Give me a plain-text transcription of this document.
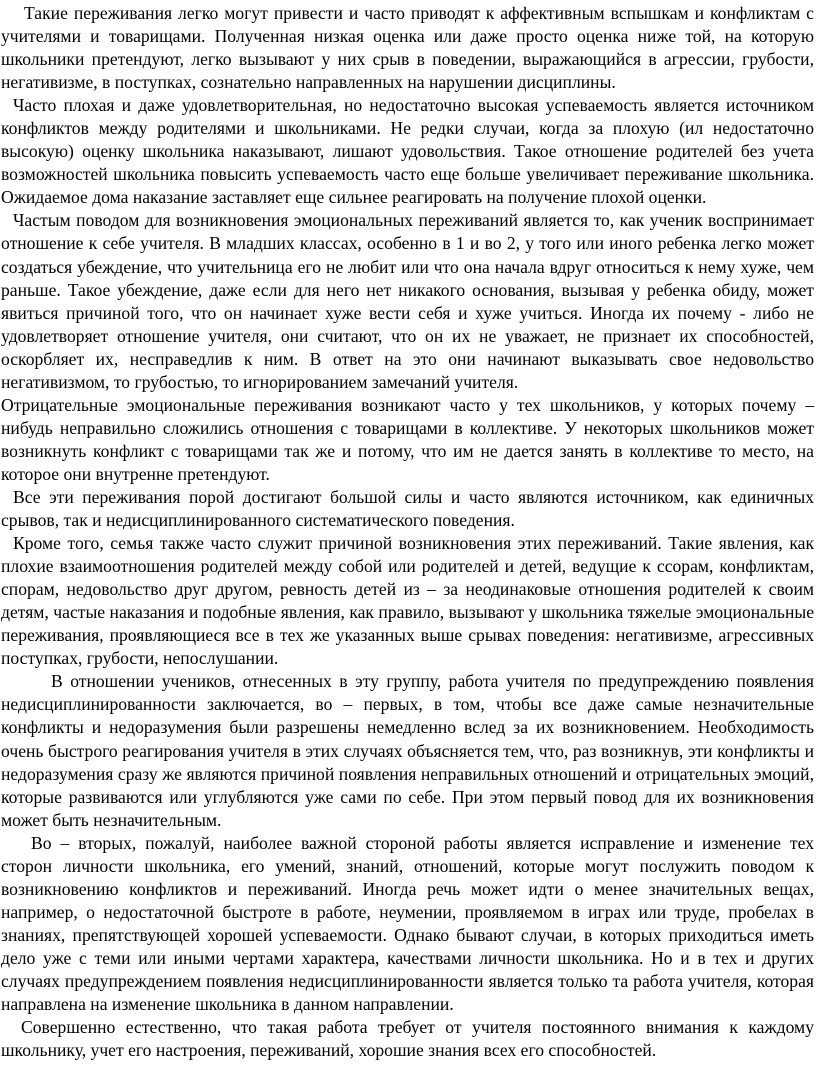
Такие переживания легко могут привести и часто приводят к аффективным вспышкам и конфликтам с учителями и товарищами. Полученная низкая оценка или даже просто оценка ниже той, на которую школьники претендуют, легко вызывают у них срыв в поведении, выражающийся в агрессии, грубости, негативизме, в поступках, сознательно направленных на нарушении дисциплины.

Часто плохая и даже удовлетворительная, но недостаточно высокая успеваемость является источником конфликтов между родителями и школьниками. Не редки случаи, когда за плохую (ил недостаточно высокую) оценку школьника наказывают, лишают удовольствия. Такое отношение родителей без учета возможностей школьника повысить успеваемость часто еще больше увеличивает переживание школьника. Ожидаемое дома наказание заставляет еще сильнее реагировать на получение плохой оценки.

Частым поводом для возникновения эмоциональных переживаний является то, как ученик воспринимает отношение к себе учителя. В младших классах, особенно в 1 и во 2, у того или иного ребенка легко может создаться убеждение, что учительница его не любит или что она начала вдруг относиться к нему хуже, чем раньше. Такое убеждение, даже если для него нет никакого основания, вызывая у ребенка обиду, может явиться причиной того, что он начинает хуже вести себя и хуже учиться. Иногда их почему - либо не удовлетворяет отношение учителя, они считают, что он их не уважает, не признает их способностей, оскорбляет их, несправедлив к ним. В ответ на это они начинают выказывать свое недовольство негативизмом, то грубостью, то игнорированием замечаний учителя.

Отрицательные эмоциональные переживания возникают часто у тех школьников, у которых почему – нибудь неправильно сложились отношения с товарищами в коллективе. У некоторых школьников может возникнуть конфликт с товарищами так же и потому, что им не дается занять в коллективе то место, на которое они внутренне претендуют.

Все эти переживания порой достигают большой силы и часто являются источником, как единичных срывов, так и недисциплинированного систематического поведения.

Кроме того, семья также часто служит причиной возникновения этих переживаний. Такие явления, как плохие взаимоотношения родителей между собой или родителей и детей, ведущие к ссорам, конфликтам, спорам, недовольство друг другом, ревность детей из – за неодинаковые отношения родителей к своим детям, частые наказания и подобные явления, как правило, вызывают у школьника тяжелые эмоциональные переживания, проявляющиеся все в тех же указанных выше срывах поведения: негативизме, агрессивных поступках, грубости, непослушании.

В отношении учеников, отнесенных в эту группу, работа учителя по предупреждению появления недисциплинированности заключается, во – первых, в том, чтобы все даже самые незначительные конфликты и недоразумения были разрешены немедленно вслед за их возникновением. Необходимость очень быстрого реагирования учителя в этих случаях объясняется тем, что, раз возникнув, эти конфликты и недоразумения сразу же являются причиной появления неправильных отношений и отрицательных эмоций, которые развиваются или углубляются уже сами по себе. При этом первый повод для их возникновения может быть незначительным.

Во – вторых, пожалуй, наиболее важной стороной работы является исправление и изменение тех сторон личности школьника, его умений, знаний, отношений, которые могут послужить поводом к возникновению конфликтов и переживаний. Иногда речь может идти о менее значительных вещах, например, о недостаточной быстроте в работе, неумении, проявляемом в играх или труде, пробелах в знаниях, препятствующей хорошей успеваемости. Однако бывают случаи, в которых приходиться иметь дело уже с теми или иными чертами характера, качествами личности школьника. Но и в тех и других случаях предупреждением появления недисциплинированности является только та работа учителя, которая направлена на изменение школьника в данном направлении.

Совершенно естественно, что такая работа требует от учителя постоянного внимания к каждому школьнику, учет его настроения, переживаний, хорошие знания всех его способностей.
